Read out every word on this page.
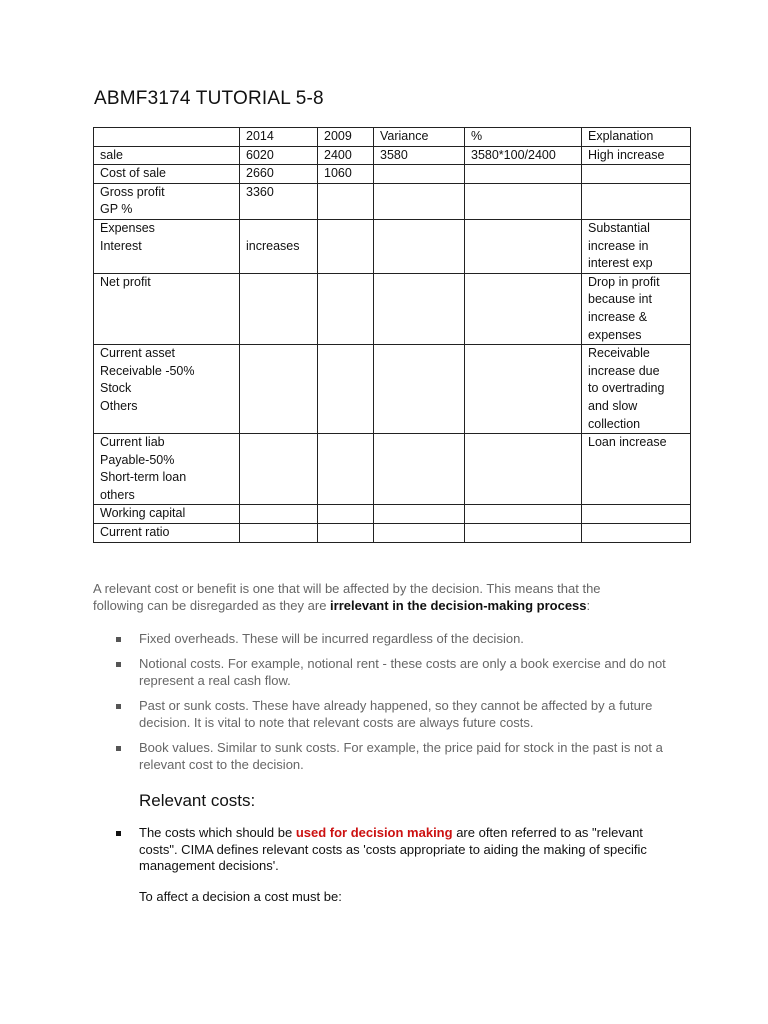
ABMF3174 TUTORIAL 5-8
	2014	2009	Variance	%	Explanation

sale	6020	2400	3580	3580*100/2400	High increase

Cost of sale	2660	1060			

Gross profit
GP %	3360				

Expenses
Interest	increases				Substantial
increase in
interest exp

Net profit					Drop in profit
because int
increase &
expenses

Current asset
Receivable -50%
Stock
Others					Receivable
increase due
to overtrading
and slow
collection

Current liab
Payable-50%
Short-term loan
others					Loan increase

Working capital					

Current ratio					

A relevant cost or benefit is one that will be affected by the decision. This means that the
following can be disregarded as they are irrelevant in the decision-making process:

Fixed overheads. These will be incurred regardless of the decision.

Notional costs. For example, notional rent - these costs are only a book exercise and do not represent a real cash flow.

Past or sunk costs. These have already happened, so they cannot be affected by a future decision. It is vital to note that relevant costs are always future costs.

Book values. Similar to sunk costs. For example, the price paid for stock in the past is not a relevant cost to the decision.

Relevant costs:

The costs which should be used for decision making are often referred to as "relevant costs". CIMA defines relevant costs as 'costs appropriate to aiding the making of specific management decisions'.

To affect a decision a cost must be:
